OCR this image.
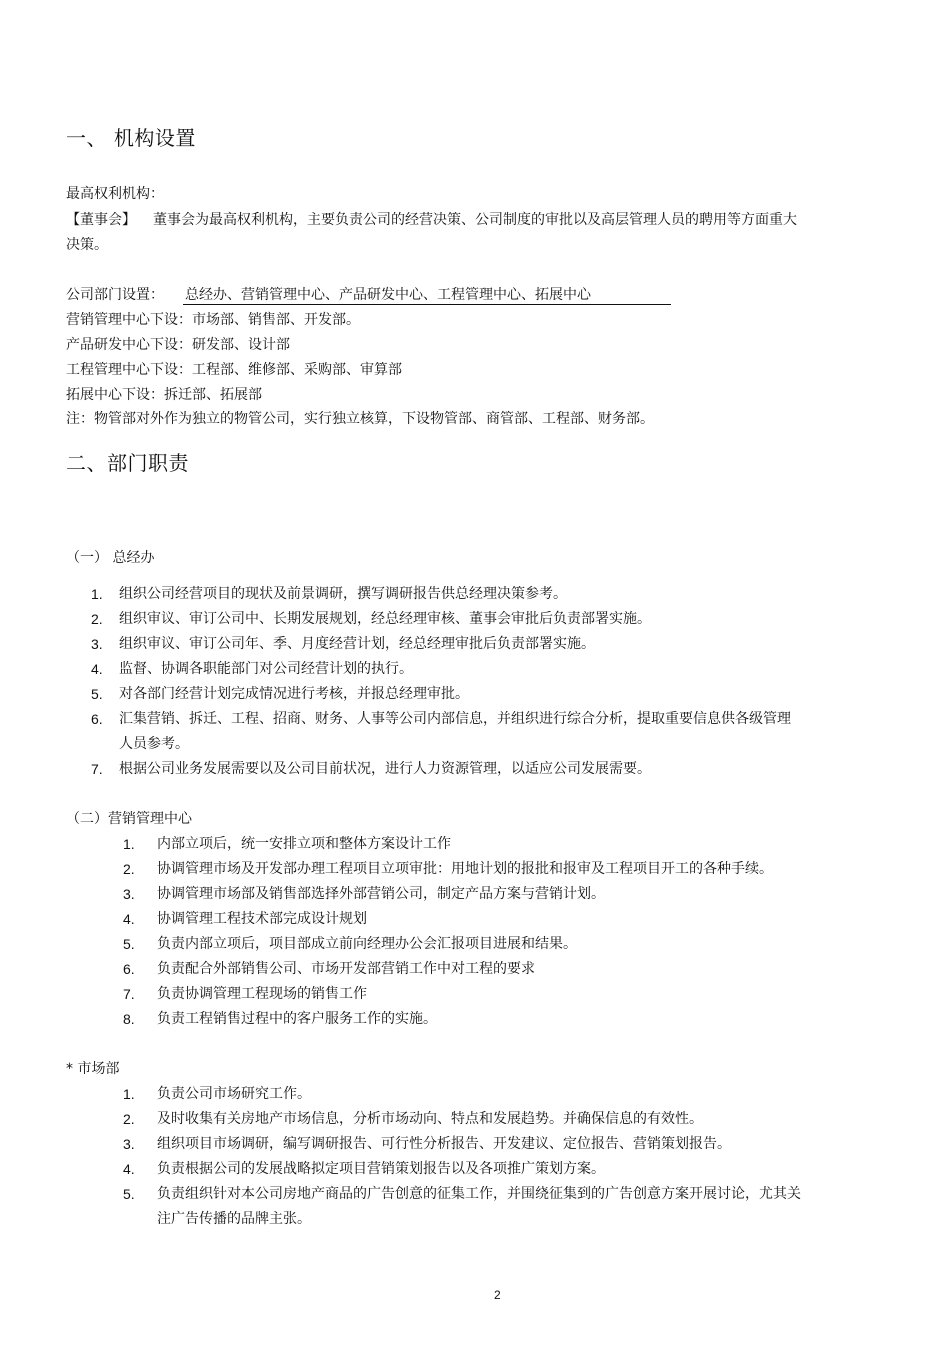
一、 机构设置
最高权利机构：
【董事会】 董事会为最高权利机构，主要负责公司的经营决策、公司制度的审批以及高层管理人员的聘用等方面重大
决策。
公司部门设置： 总经办、营销管理中心、产品研发中心、工程管理中心、拓展中心
营销管理中心下设：市场部、销售部、开发部。
产品研发中心下设：研发部、设计部
工程管理中心下设：工程部、维修部、采购部、审算部
拓展中心下设：拆迁部、拓展部
注：物管部对外作为独立的物管公司，实行独立核算，下设物管部、商管部、工程部、财务部。
二、部门职责
（一） 总经办
1. 组织公司经营项目的现状及前景调研，撰写调研报告供总经理决策参考。
2. 组织审议、审订公司中、长期发展规划，经总经理审核、董事会审批后负责部署实施。
3. 组织审议、审订公司年、季、月度经营计划，经总经理审批后负责部署实施。
4. 监督、协调各职能部门对公司经营计划的执行。
5. 对各部门经营计划完成情况进行考核，并报总经理审批。
6. 汇集营销、拆迁、工程、招商、财务、人事等公司内部信息，并组织进行综合分析，提取重要信息供各级管理
人员参考。
7. 根据公司业务发展需要以及公司目前状况，进行人力资源管理，以适应公司发展需要。
（二）营销管理中心
1. 内部立项后，统一安排立项和整体方案设计工作
2. 协调管理市场及开发部办理工程项目立项审批：用地计划的报批和报审及工程项目开工的各种手续。
3. 协调管理市场部及销售部选择外部营销公司，制定产品方案与营销计划。
4. 协调管理工程技术部完成设计规划
5. 负责内部立项后，项目部成立前向经理办公会汇报项目进展和结果。
6. 负责配合外部销售公司、市场开发部营销工作中对工程的要求
7. 负责协调管理工程现场的销售工作
8. 负责工程销售过程中的客户服务工作的实施。
* 市场部
1. 负责公司市场研究工作。
2. 及时收集有关房地产市场信息，分析市场动向、特点和发展趋势。并确保信息的有效性。
3. 组织项目市场调研，编写调研报告、可行性分析报告、开发建议、定位报告、营销策划报告。
4. 负责根据公司的发展战略拟定项目营销策划报告以及各项推广策划方案。
5. 负责组织针对本公司房地产商品的广告创意的征集工作，并围绕征集到的广告创意方案开展讨论，尤其关
注广告传播的品牌主张。
2
